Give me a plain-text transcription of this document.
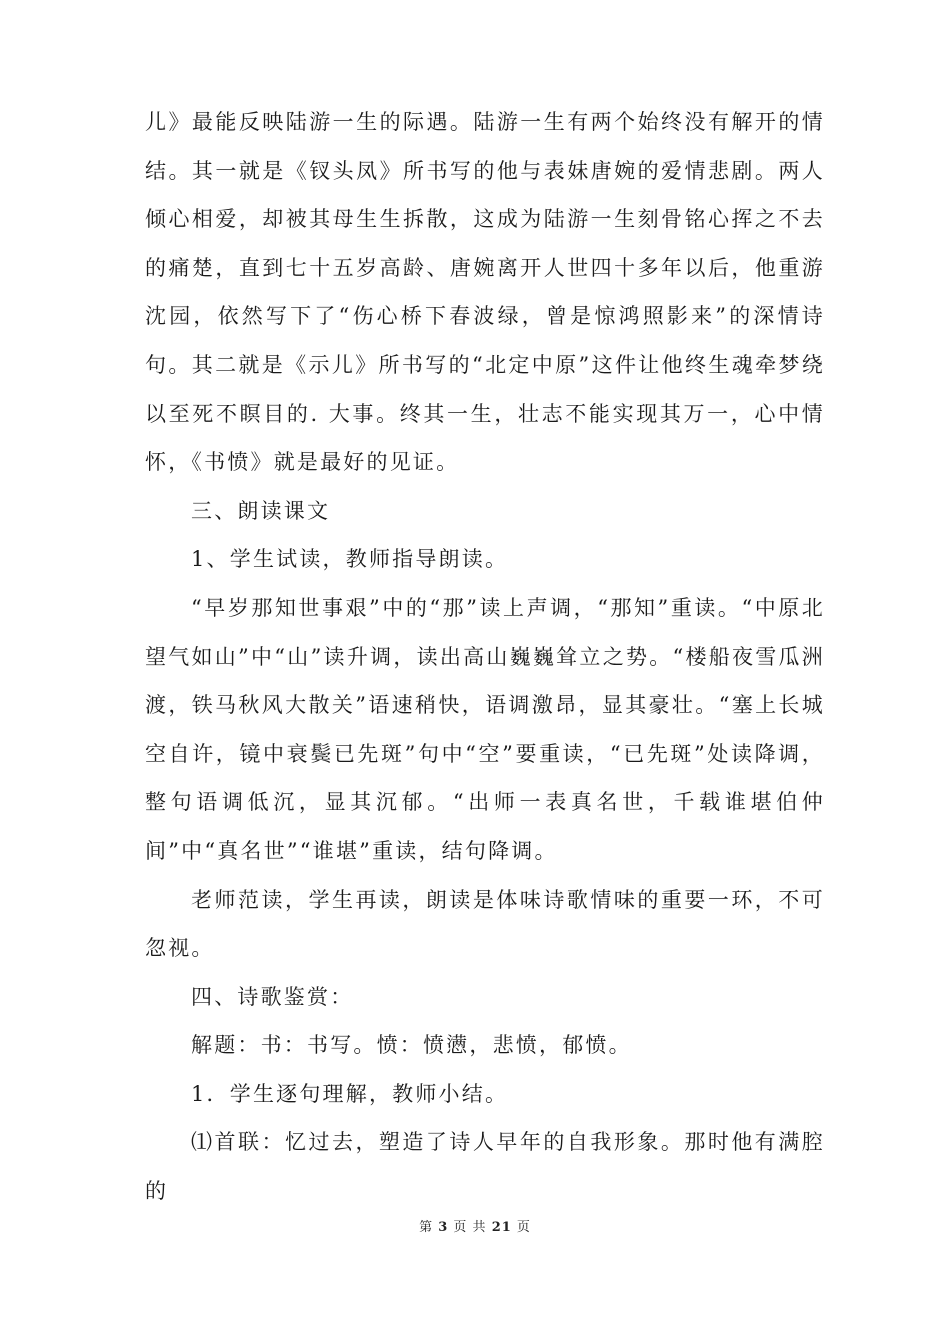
儿》最能反映陆游一生的际遇。陆游一生有两个始终没有解开的情结。其一就是《钗头凤》所书写的他与表妹唐婉的爱情悲剧。两人倾心相爱，却被其母生生拆散，这成为陆游一生刻骨铭心挥之不去的痛楚，直到七十五岁高龄、唐婉离开人世四十多年以后，他重游沈园，依然写下了“伤心桥下春波绿，曾是惊鸿照影来”的深情诗句。其二就是《示儿》所书写的“北定中原”这件让他终生魂牵梦绕以至死不瞑目的. 大事。终其一生，壮志不能实现其万一，心中情怀，《书愤》就是最好的见证。

三、朗读课文

1、学生试读，教师指导朗读。

“早岁那知世事艰”中的“那”读上声调，“那知”重读。“中原北望气如山”中“山”读升调，读出高山巍巍耸立之势。“楼船夜雪瓜洲渡，铁马秋风大散关”语速稍快，语调激昂，显其豪壮。“塞上长城空自许，镜中衰鬓已先斑”句中“空”要重读，“已先斑”处读降调，整句语调低沉，显其沉郁。“出师一表真名世，千载谁堪伯仲间”中“真名世”“谁堪”重读，结句降调。

老师范读，学生再读，朗读是体味诗歌情味的重要一环，不可忽视。

四、诗歌鉴赏：

解题：书：书写。愤：愤懑，悲愤，郁愤。

1．学生逐句理解，教师小结。

⑴首联：忆过去，塑造了诗人早年的自我形象。那时他有满腔的

第 3 页 共 21 页
